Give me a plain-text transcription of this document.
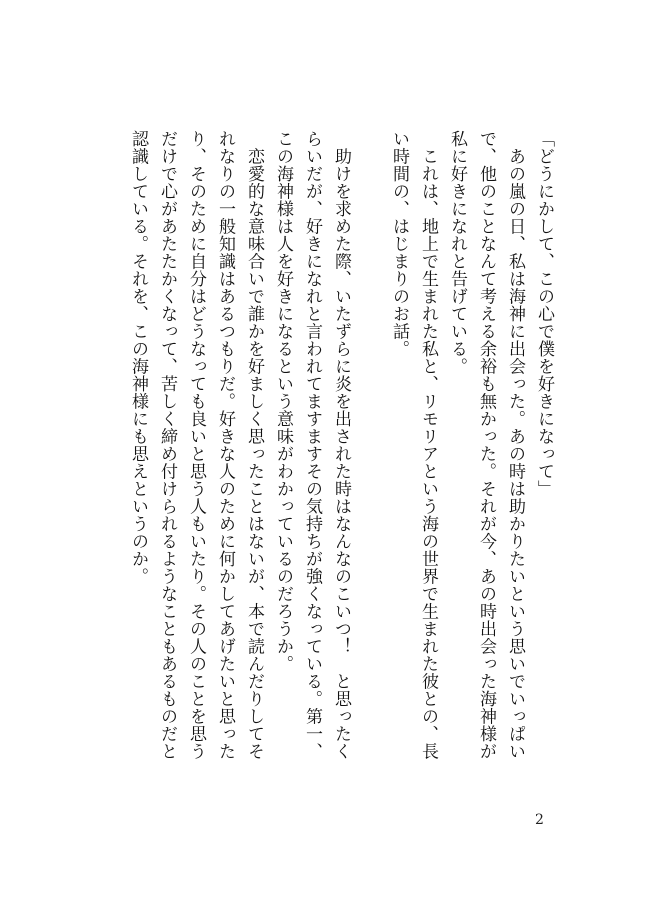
「どうにかして、この心で僕を好きになって」
　あの嵐の日、私は海神に出会った。あの時は助かりたいという思いでいっぱい
で、他のことなんて考える余裕も無かった。それが今、あの時出会った海神様が
私に好きになれと告げている。
　これは、地上で生まれた私と、リモリアという海の世界で生まれた彼との、長
い時間の、はじまりのお話。
　助けを求めた際、いたずらに炎を出された時はなんなのこいつ！　と思ったく
らいだが、好きになれと言われてますますその気持ちが強くなっている。第一、
この海神様は人を好きになるという意味がわかっているのだろうか。
　恋愛的な意味合いで誰かを好ましく思ったことはないが、本で読んだりしてそ
れなりの一般知識はあるつもりだ。好きな人のために何かしてあげたいと思った
り、そのために自分はどうなっても良いと思う人もいたり。その人のことを思う
だけで心があたたかくなって、苦しく締め付けられるようなこともあるものだと
認識している。それを、この海神様にも思えというのか。
2
